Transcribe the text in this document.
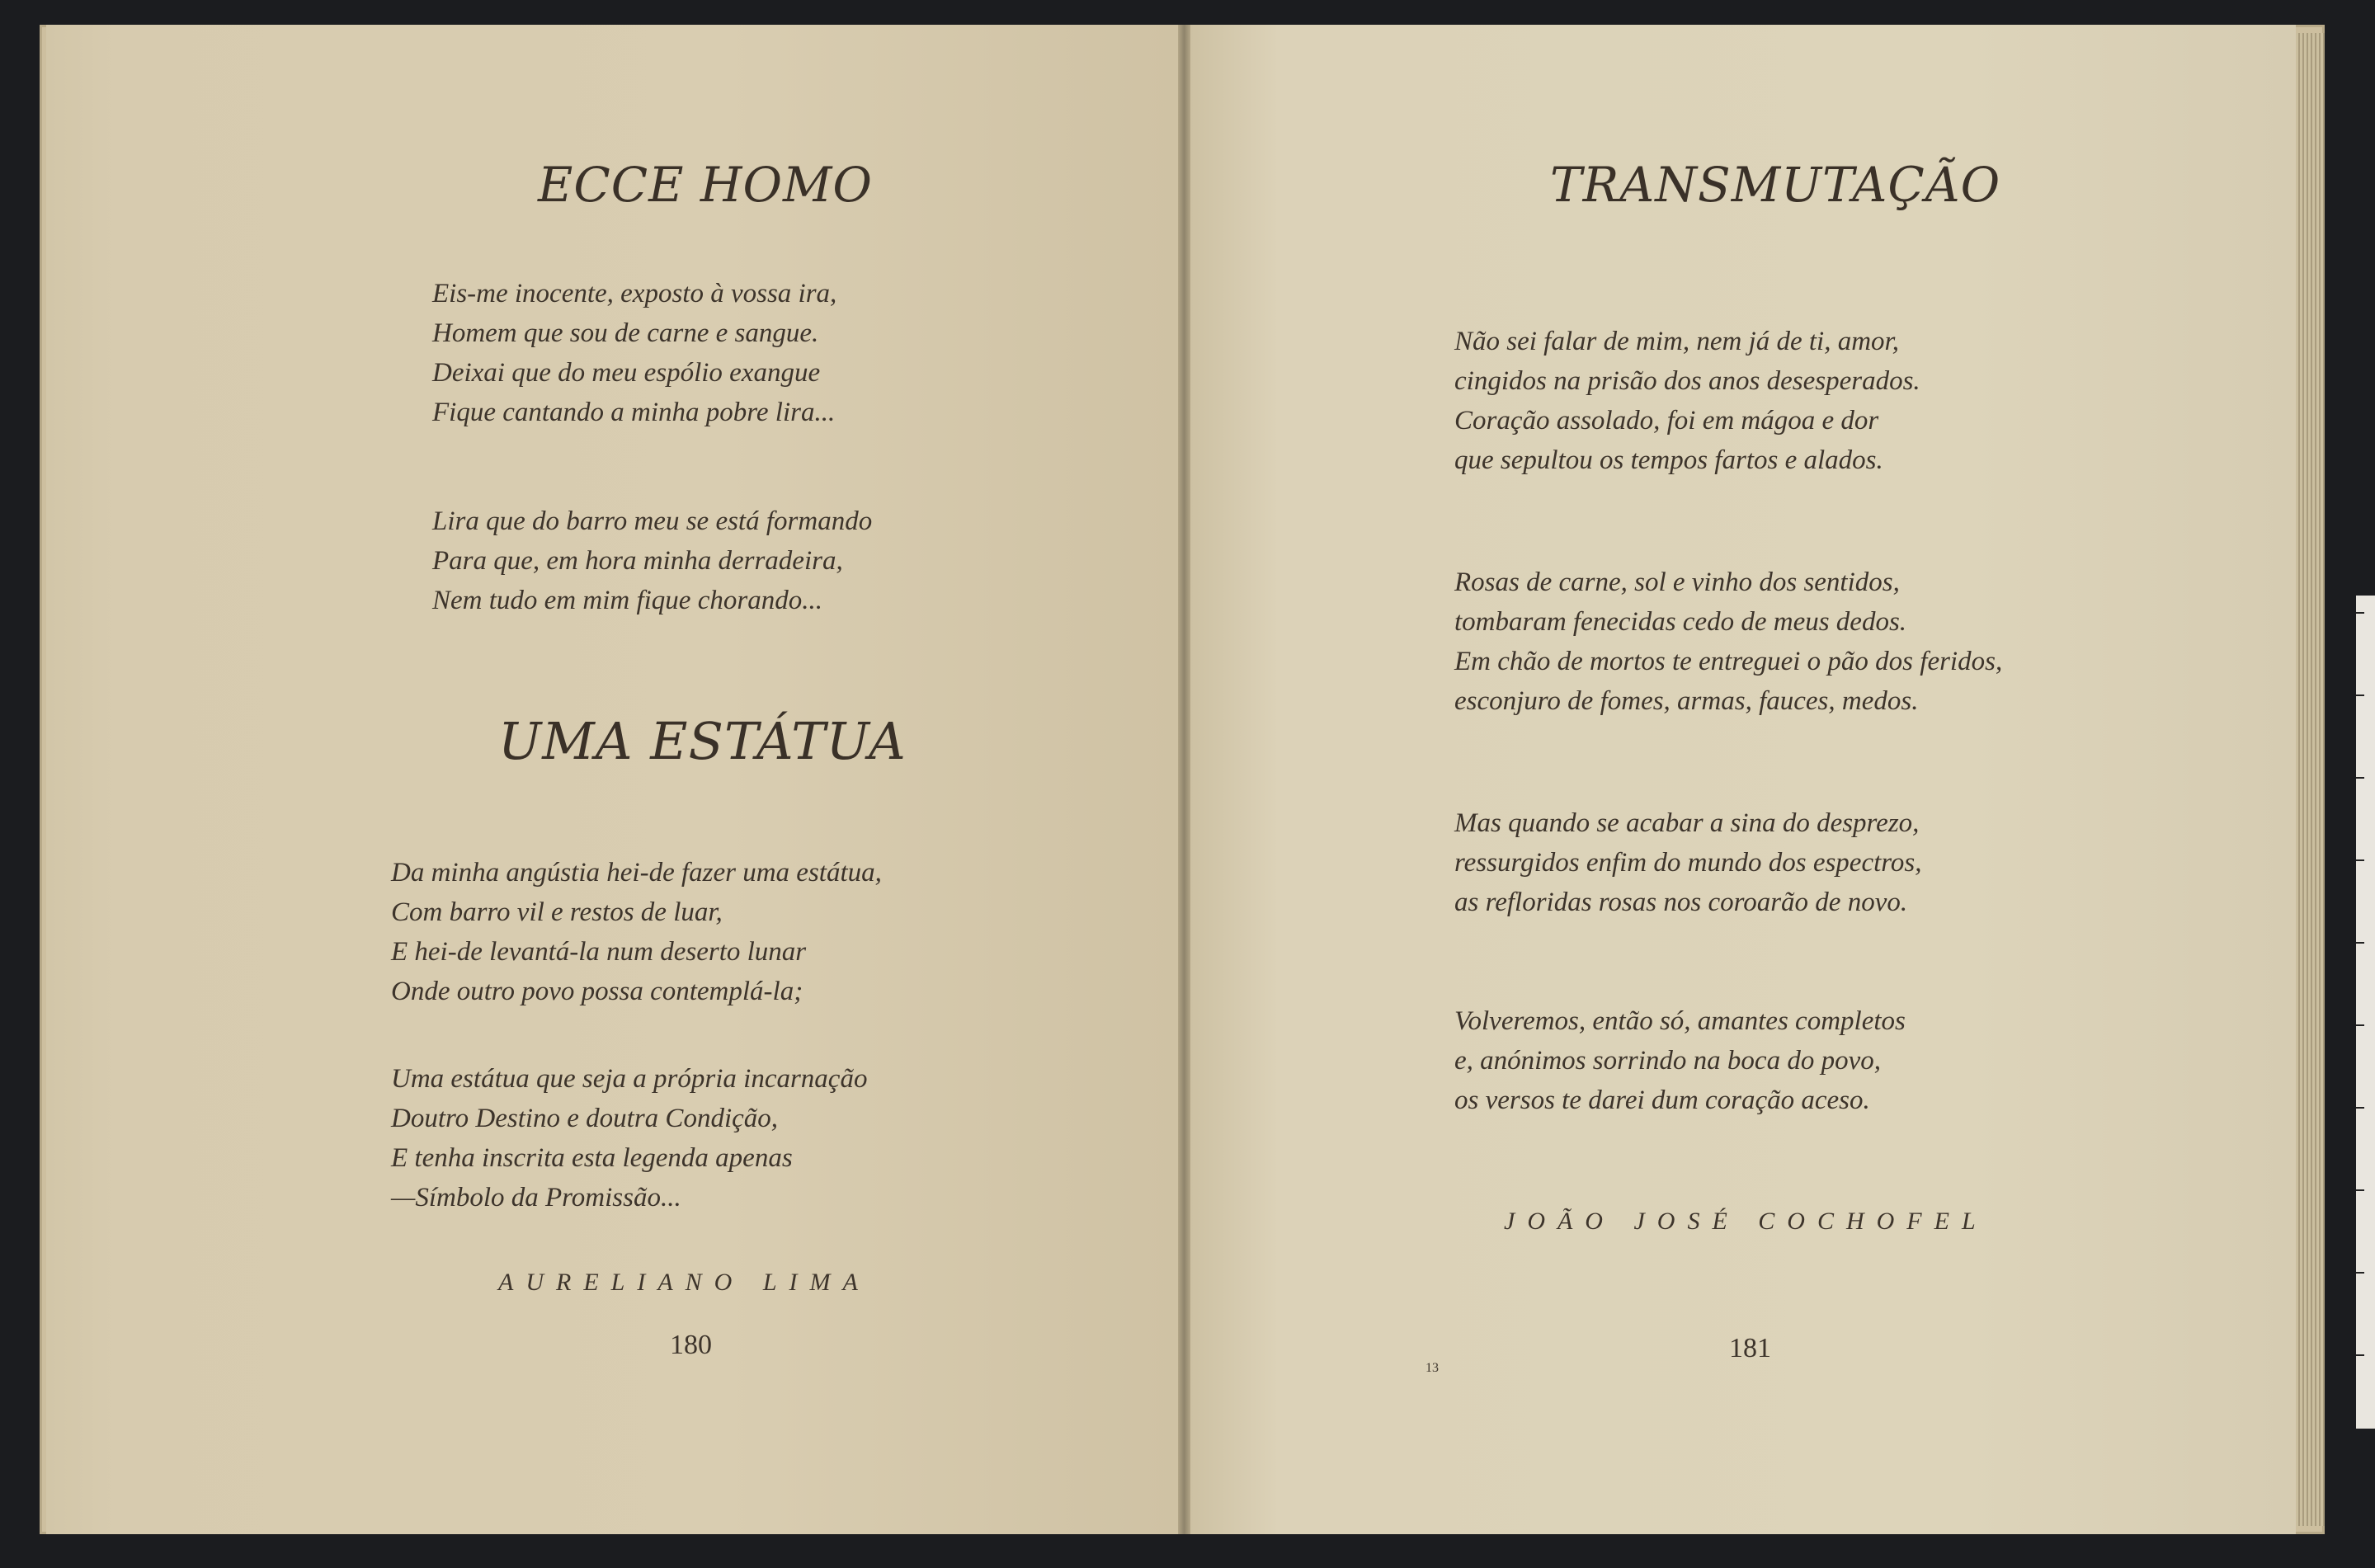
ECCE HOMO
Eis-me inocente, exposto à vossa ira,
Homem que sou de carne e sangue.
Deixai que do meu espólio exangue
Fique cantando a minha pobre lira...
Lira que do barro meu se está formando
Para que, em hora minha derradeira,
Nem tudo em mim fique chorando...
UMA ESTÁTUA
Da minha angústia hei-de fazer uma estátua,
Com barro vil e restos de luar,
E hei-de levantá-la num deserto lunar
Onde outro povo possa contemplá-la;
Uma estátua que seja a própria incarnação
Doutro Destino e doutra Condição,
E tenha inscrita esta legenda apenas
—Símbolo da Promissão...
AURELIANO LIMA
180
TRANSMUTAÇÃO
Não sei falar de mim, nem já de ti, amor,
cingidos na prisão dos anos desesperados.
Coração assolado, foi em mágoa e dor
que sepultou os tempos fartos e alados.
Rosas de carne, sol e vinho dos sentidos,
tombaram fenecidas cedo de meus dedos.
Em chão de mortos te entreguei o pão dos feridos,
esconjuro de fomes, armas, fauces, medos.
Mas quando se acabar a sina do desprezo,
ressurgidos enfim do mundo dos espectros,
as refloridas rosas nos coroarão de novo.
Volveremos, então só, amantes completos
e, anónimos sorrindo na boca do povo,
os versos te darei dum coração aceso.
JOÃO JOSÉ COCHOFEL
181
13
